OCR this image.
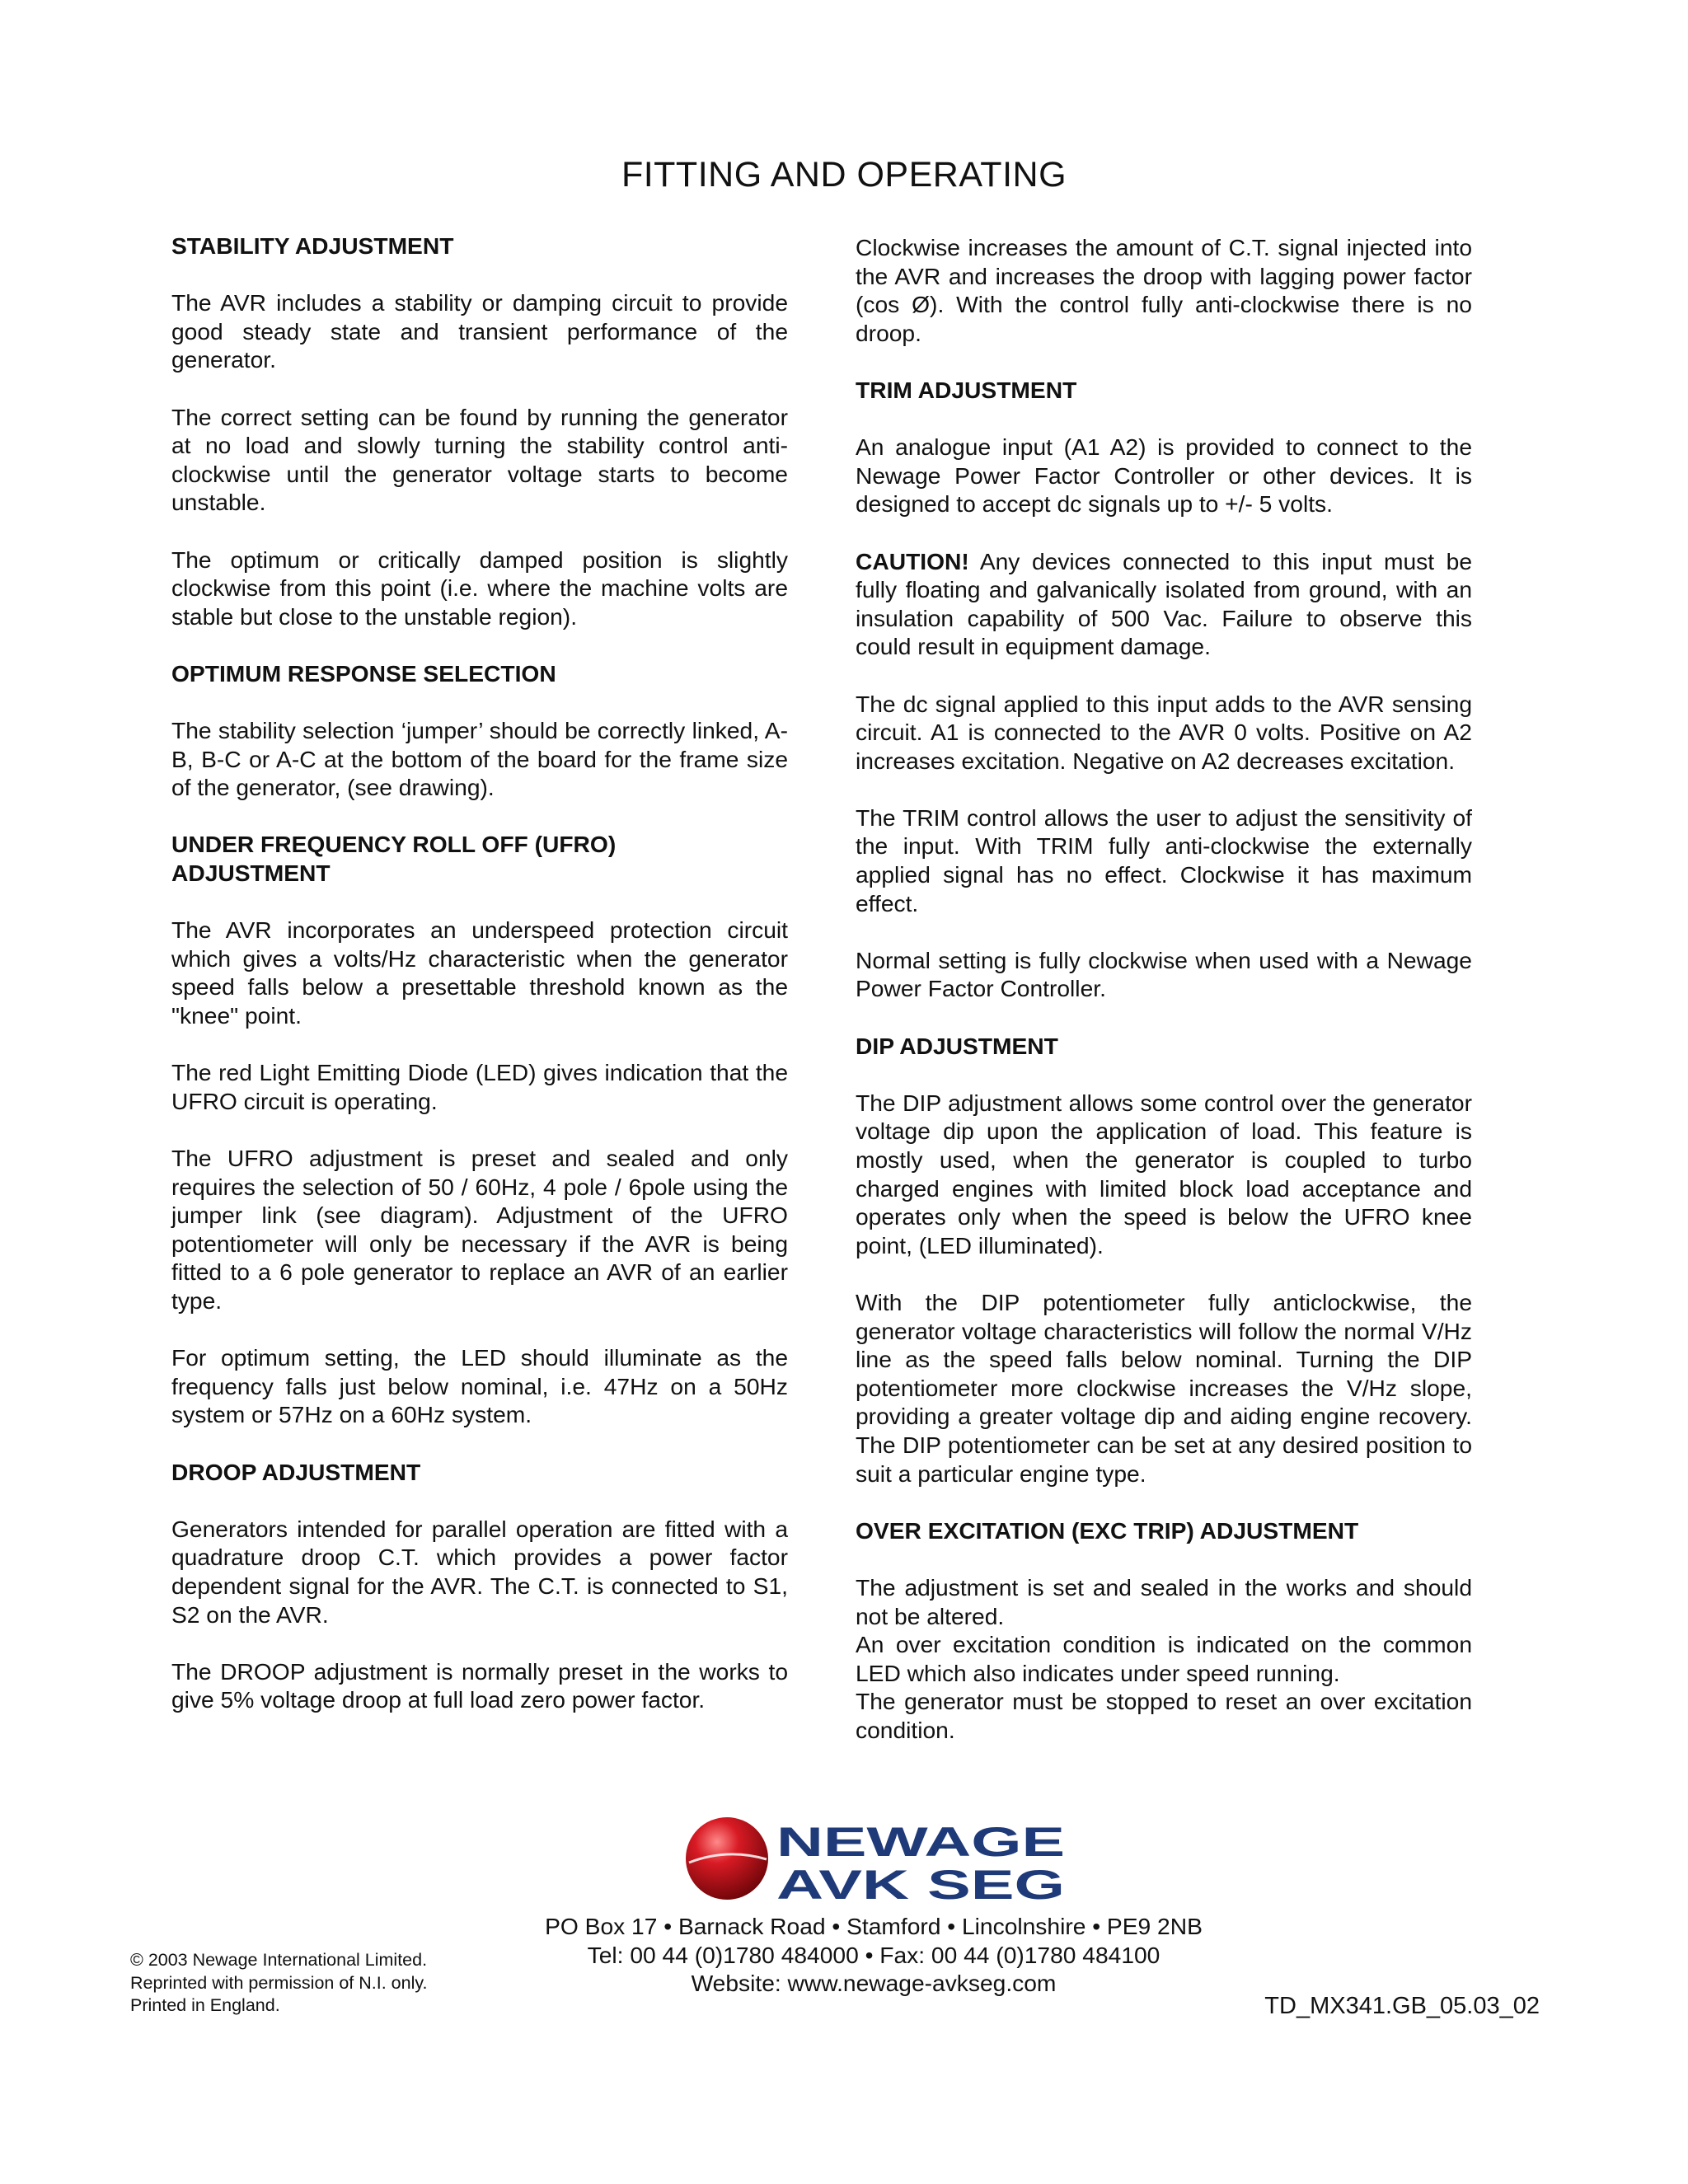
FITTING AND OPERATING
STABILITY ADJUSTMENT

The AVR includes a stability or damping circuit to provide good steady state and transient performance of the generator.

The correct setting can be found by running the generator at no load and slowly turning the stability control anti-clockwise until the generator voltage starts to become unstable.

The optimum or critically damped position is slightly clockwise from this point (i.e. where the machine volts are stable but close to the unstable region).

OPTIMUM RESPONSE SELECTION

The stability selection ‘jumper’ should be correctly linked, A-B, B-C or A-C at the bottom of the board for the frame size of the generator, (see drawing).

UNDER FREQUENCY ROLL OFF (UFRO)
ADJUSTMENT

The AVR incorporates an underspeed protection circuit which gives a volts/Hz characteristic when the generator speed falls below a presettable threshold known as the "knee" point.

The red Light Emitting Diode (LED) gives indication that the UFRO circuit is operating.

The UFRO adjustment is preset and sealed and only requires the selection of 50 / 60Hz, 4 pole / 6pole using the jumper link (see diagram). Adjustment of the UFRO potentiometer will only be necessary if the AVR is being fitted to a 6 pole generator to replace an AVR of an earlier type.

For optimum setting, the LED should illuminate as the frequency falls just below nominal, i.e. 47Hz on a 50Hz system or 57Hz on a 60Hz system.

DROOP ADJUSTMENT

Generators intended for parallel operation are fitted with a quadrature droop C.T. which provides a power factor dependent signal for the AVR. The C.T. is connected to S1, S2 on the AVR.

The DROOP adjustment is normally preset in the works to give 5% voltage droop at full load zero power factor.

Clockwise increases the amount of C.T. signal injected into the AVR and increases the droop with lagging power factor (cos Ø). With the control fully anti-clockwise there is no droop.

TRIM ADJUSTMENT

An analogue input (A1 A2) is provided to connect to the Newage Power Factor Controller or other devices. It is designed to accept dc signals up to +/- 5 volts.

CAUTION! Any devices connected to this input must be fully floating and galvanically isolated from ground, with an insulation capability of 500 Vac. Failure to observe this could result in equipment damage.

The dc signal applied to this input adds to the AVR sensing circuit. A1 is connected to the AVR 0 volts. Positive on A2 increases excitation. Negative on A2 decreases excitation.

The TRIM control allows the user to adjust the sensitivity of the input. With TRIM fully anti-clockwise the externally applied signal has no effect. Clockwise it has maximum effect.

Normal setting is fully clockwise when used with a Newage Power Factor Controller.

DIP ADJUSTMENT

The DIP adjustment allows some control over the generator voltage dip upon the application of load. This feature is mostly used, when the generator is coupled to turbo charged engines with limited block load acceptance and operates only when the speed is below the UFRO knee point, (LED illuminated).

With the DIP potentiometer fully anticlockwise, the generator voltage characteristics will follow the normal V/Hz line as the speed falls below nominal. Turning the DIP potentiometer more clockwise increases the V/Hz slope, providing a greater voltage dip and aiding engine recovery. The DIP potentiometer can be set at any desired position to suit a particular engine type.

OVER EXCITATION (EXC TRIP) ADJUSTMENT

The adjustment is set and sealed in the works and should not be altered.

An over excitation condition is indicated on the common LED which also indicates under speed running.

The generator must be stopped to reset an over excitation condition.

NEWAGE
AVK SEG
PO Box 17 • Barnack Road • Stamford • Lincolnshire • PE9 2NB
Tel: 00 44 (0)1780 484000 • Fax: 00 44 (0)1780 484100
Website: www.newage-avkseg.com
© 2003 Newage International Limited.
Reprinted with permission of N.I. only.
Printed in England.	TD_MX341.GB_05.03_02
